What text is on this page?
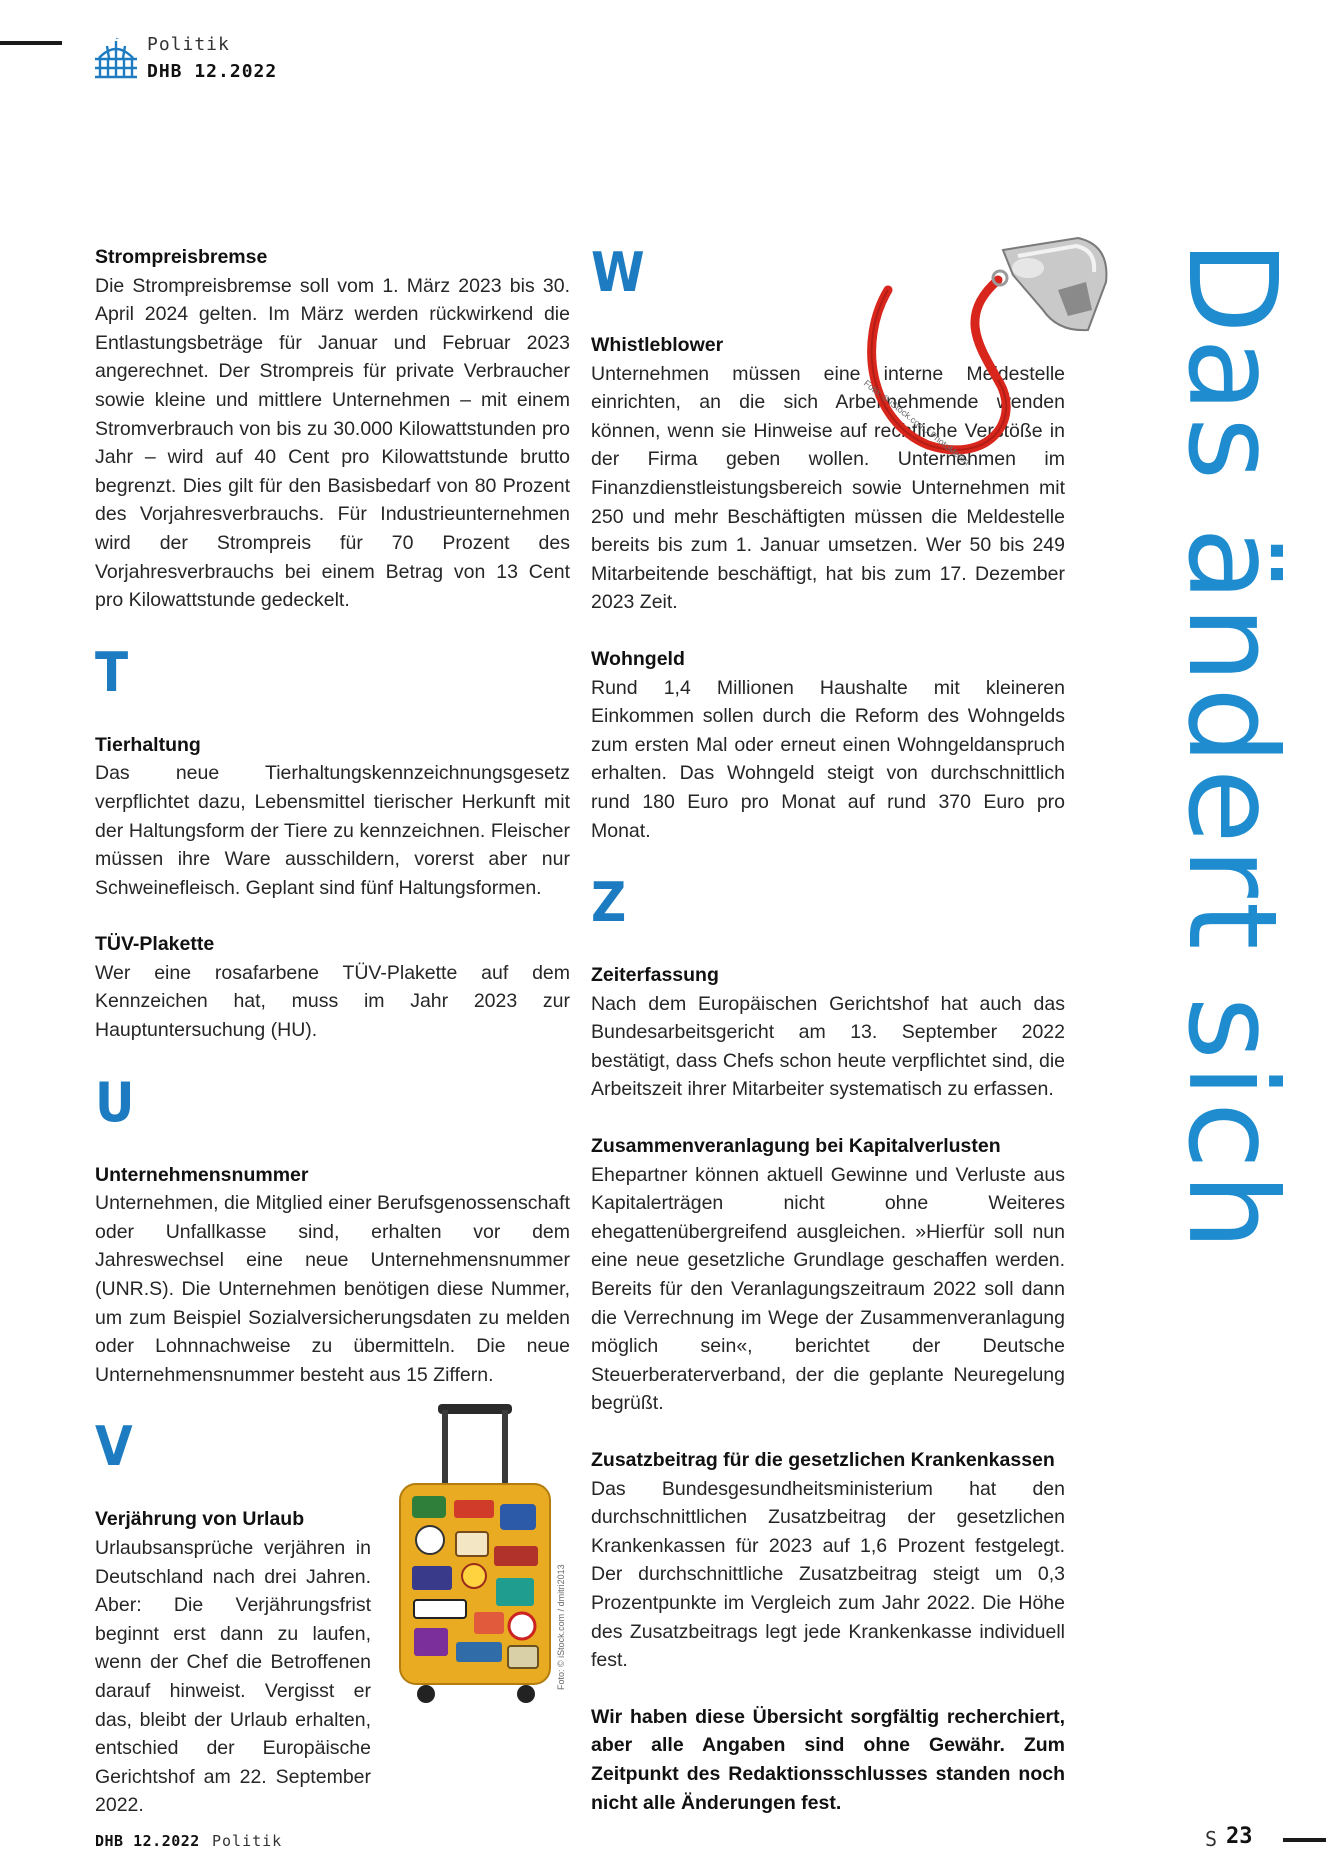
Politik
DHB 12.2022
Strompreisbremse

Die Strompreisbremse soll vom 1. März 2023 bis 30. April 2024 gelten. Im März werden rückwirkend die Entlastungsbeträge für Januar und Februar 2023 angerechnet. Der Strompreis für private Verbraucher sowie kleine und mittlere Unternehmen – mit einem Stromverbrauch von bis zu 30.000 Kilowattstunden pro Jahr – wird auf 40 Cent pro Kilowattstunde brutto begrenzt. Dies gilt für den Basisbedarf von 80 Prozent des Vorjahresverbrauchs. Für Industrieunternehmen wird der Strompreis für 70 Prozent des Vorjahresverbrauchs bei einem Betrag von 13 Cent pro Kilowattstunde gedeckelt.

T
Tierhaltung

Das neue Tierhaltungskennzeichnungsgesetz verpflichtet dazu, Lebensmittel tierischer Herkunft mit der Haltungsform der Tiere zu kennzeichnen. Fleischer müssen ihre Ware ausschildern, vorerst aber nur Schweinefleisch. Geplant sind fünf Haltungsformen.

TÜV-Plakette

Wer eine rosafarbene TÜV-Plakette auf dem Kennzeichen hat, muss im Jahr 2023 zur Hauptuntersuchung (HU).

U
Unternehmensnummer

Unternehmen, die Mitglied einer Berufsgenossenschaft oder Unfallkasse sind, erhalten vor dem Jahreswechsel eine neue Unternehmensnummer (UNR.S). Die Unternehmen benötigen diese Nummer, um zum Beispiel Sozialversicherungsdaten zu melden oder Lohnnachweise zu übermitteln. Die neue Unternehmensnummer besteht aus 15 Ziffern.

V
Verjährung von Urlaub

Urlaubsansprüche verjähren in Deutschland nach drei Jahren. Aber: Die Verjährungsfrist beginnt erst dann zu laufen, wenn der Chef die Betroffenen darauf hinweist. Vergisst er das, bleibt der Urlaub erhalten, entschied der Europäische Gerichtshof am 22. September 2022.

W
Whistleblower

Unternehmen müssen eine interne Meldestelle einrichten, an die sich Arbeitnehmende wenden können, wenn sie Hinweise auf rechtliche Verstöße in der Firma geben wollen. Unternehmen im Finanzdienstleistungsbereich sowie Unternehmen mit 250 und mehr Beschäftigten müssen die Meldestelle bereits bis zum 1. Januar umsetzen. Wer 50 bis 249 Mitarbeitende beschäftigt, hat bis zum 17. Dezember 2023 Zeit.

Wohngeld

Rund 1,4 Millionen Haushalte mit kleineren Einkommen sollen durch die Reform des Wohngelds zum ersten Mal oder erneut einen Wohngeldanspruch erhalten. Das Wohngeld steigt von durchschnittlich rund 180 Euro pro Monat auf rund 370 Euro pro Monat.

Z
Zeiterfassung

Nach dem Europäischen Gerichtshof hat auch das Bundesarbeitsgericht am 13. September 2022 bestätigt, dass Chefs schon heute verpflichtet sind, die Arbeitszeit ihrer Mitarbeiter systematisch zu erfassen.

Zusammenveranlagung bei Kapitalverlusten

Ehepartner können aktuell Gewinne und Verluste aus Kapitalerträgen nicht ohne Weiteres ehegattenübergreifend ausgleichen. »Hierfür soll nun eine neue gesetzliche Grundlage geschaffen werden. Bereits für den Veranlagungszeitraum 2022 soll dann die Verrechnung im Wege der Zusammenveranlagung möglich sein«, berichtet der Deutsche Steuerberaterverband, der die geplante Neuregelung begrüßt.

Zusatzbeitrag für die gesetzlichen Krankenkassen

Das Bundesgesundheitsministerium hat den durchschnittlichen Zusatzbeitrag der gesetzlichen Krankenkassen für 2023 auf 1,6 Prozent festgelegt. Der durchschnittliche Zusatzbeitrag steigt um 0,3 Prozentpunkte im Vergleich zum Jahr 2022. Die Höhe des Zusatzbeitrags legt jede Krankenkasse individuell fest.

Wir haben diese Übersicht sorgfältig recherchiert, aber alle Angaben sind ohne Gewähr. Zum Zeitpunkt des Redaktionsschlusses standen noch nicht alle Änderungen fest.

Foto: © iStock.com / PhotoMelon
Foto: © iStock.com / dmitri2013
Das ändert sich
DHB 12.2022 Politik	S 23
